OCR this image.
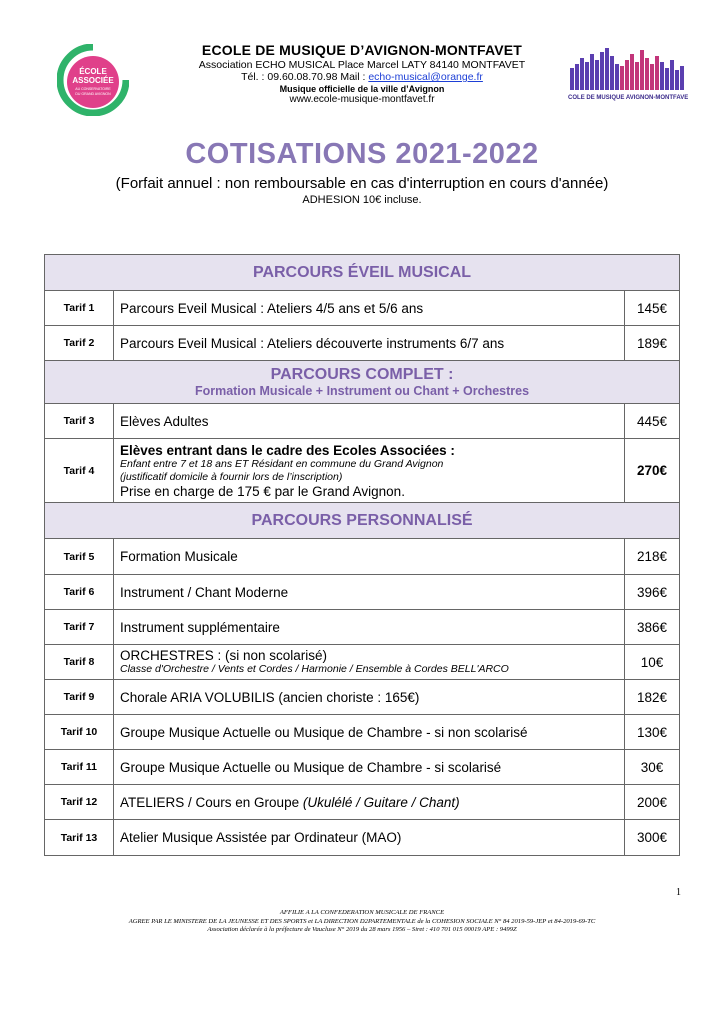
ÉCOLE
ASSOCIÉE
AU CONSERVATOIRE
DU GRAND AVIGNON
ECOLE DE MUSIQUE D’AVIGNON-MONTFAVET
Association ECHO MUSICAL Place Marcel LATY 84140 MONTFAVET
Tél. : 09.60.08.70.98 Mail : echo-musical@orange.fr
Musique officielle de la ville d’Avignon
www.ecole-musique-montfavet.fr	ÉCOLE DE MUSIQUE AVIGNON-MONTFAVET
COTISATIONS 2021-2022
(Forfait annuel : non remboursable en cas d'interruption en cours d'année)
ADHESION 10€ incluse.
PARCOURS ÉVEIL MUSICAL		
Tarif 1	Parcours Eveil Musical : Ateliers 4/5 ans et 5/6 ans	145€
Tarif 2	Parcours Eveil Musical : Ateliers découverte instruments 6/7 ans	189€

PARCOURS COMPLET :
Formation Musicale + Instrument ou Chant + Orchestres		

Tarif 3	Elèves Adultes	445€
Tarif 4	Elèves entrant dans le cadre des Ecoles Associées :
Enfant entre 7 et 18 ans ET Résidant en commune du Grand Avignon
(justificatif domicile à fournir lors de l’inscription)
Prise en charge de 175 € par le Grand Avignon.	270€
PARCOURS PERSONNALISÉ		
Tarif 5	Formation Musicale	218€
Tarif 6	Instrument / Chant Moderne	396€
Tarif 7	Instrument supplémentaire	386€
Tarif 8	ORCHESTRES : (si non scolarisé)
Classe d'Orchestre / Vents et Cordes / Harmonie / Ensemble à Cordes BELL'ARCO	10€
Tarif 9	Chorale ARIA VOLUBILIS (ancien choriste : 165€)	182€
Tarif 10	Groupe Musique Actuelle ou Musique de Chambre - si non scolarisé	130€
Tarif 11	Groupe Musique Actuelle ou Musique de Chambre - si scolarisé	30€
Tarif 12	ATELIERS / Cours en Groupe (Ukulélé / Guitare / Chant)	200€
Tarif 13	Atelier Musique Assistée par Ordinateur (MAO)	300€
1
AFFILIE A LA CONFEDERATION MUSICALE DE FRANCE
AGREE PAR LE MINISTERE DE LA JEUNESSE ET DES SPORTS et LA DIRECTION D2PARTEMENTALE de la COHESION SOCIALE N° 84 2019-59-JEP et 84-2019-69-TC
Association déclarée à la préfecture de Vaucluse N° 2019 du 28 mars 1956 – Siret : 410 701 015 00019 APE : 9499Z
